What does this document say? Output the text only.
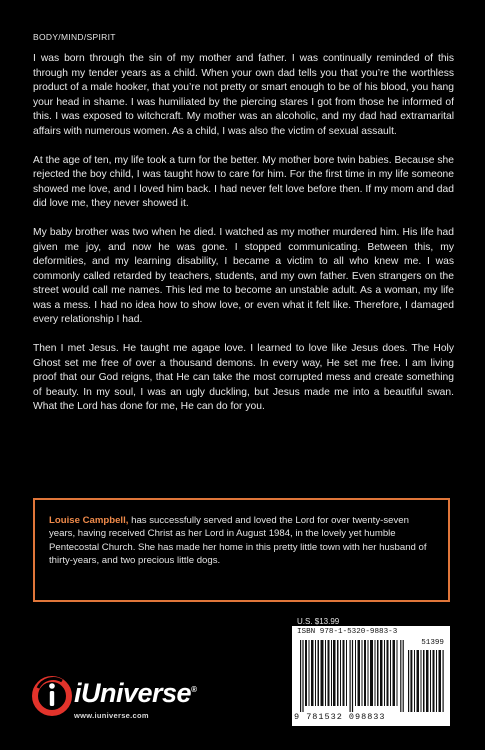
BODY/MIND/SPIRIT

I was born through the sin of my mother and father. I was continually reminded of this through my tender years as a child. When your own dad tells you that you’re the worthless product of a male hooker, that you’re not pretty or smart enough to be of his blood, you hang your head in shame. I was humiliated by the piercing stares I got from those he informed of this. I was exposed to witchcraft. My mother was an alcoholic, and my dad had extramarital affairs with numerous women. As a child, I was also the victim of sexual assault.

At the age of ten, my life took a turn for the better. My mother bore twin babies. Because she rejected the boy child, I was taught how to care for him. For the first time in my life someone showed me love, and I loved him back. I had never felt love before then. If my mom and dad did love me, they never showed it.

My baby brother was two when he died. I watched as my mother murdered him. His life had given me joy, and now he was gone. I stopped communicating. Between this, my deformities, and my learning disability, I became a victim to all who knew me. I was commonly called retarded by teachers, students, and my own father. Even strangers on the street would call me names. This led me to become an unstable adult. As a woman, my life was a mess. I had no idea how to show love, or even what it felt like. Therefore, I damaged every relationship I had.

Then I met Jesus. He taught me agape love. I learned to love like Jesus does. The Holy Ghost set me free of over a thousand demons. In every way, He set me free. I am living proof that our God reigns, that He can take the most corrupted mess and create something of beauty. In my soul, I was an ugly duckling, but Jesus made me into a beautiful swan. What the Lord has done for me, He can do for you.

Louise Campbell, has successfully served and loved the Lord for over twenty-seven years, having received Christ as her Lord in August 1984, in the lovely yet humble Pentecostal Church. She has made her home in this pretty little town with her husband of thirty-years, and two precious little dogs.
U.S. $13.99
ISBN 978-1-5320-9883-3
51399
9 781532 098833
iUniverse®
www.iuniverse.com
